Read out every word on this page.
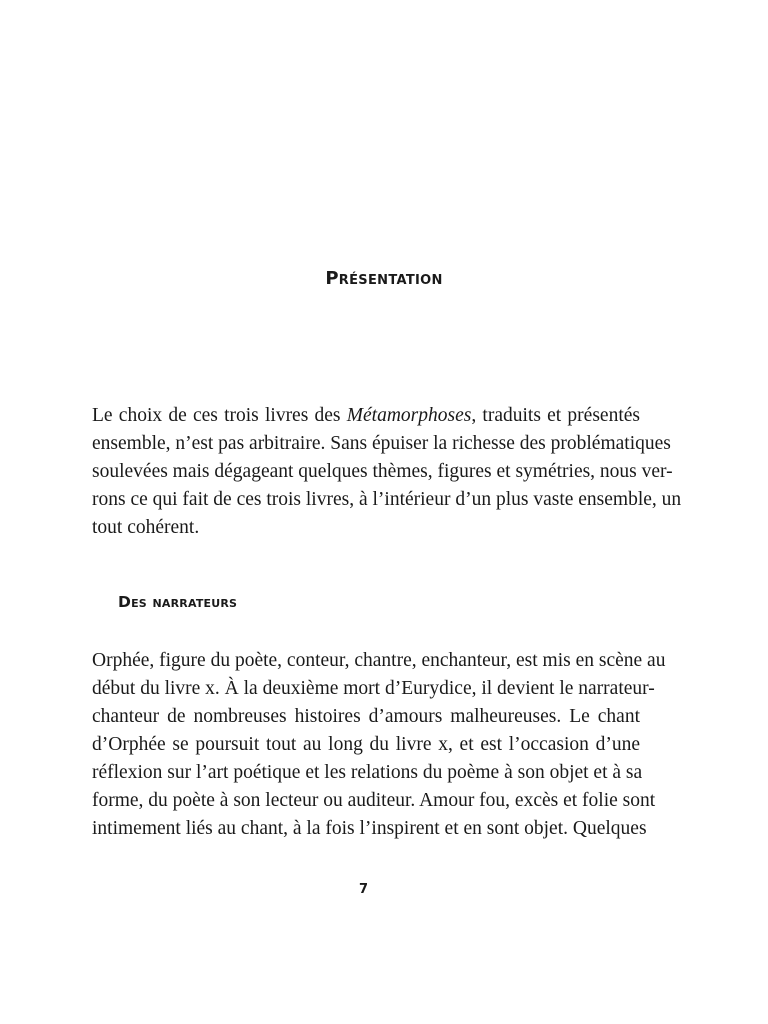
Présentation

Le choix de ces trois livres des Métamorphoses, traduits et présentés
ensemble, n’est pas arbitraire. Sans épuiser la richesse des problématiques
soulevées mais dégageant quelques thèmes, figures et symétries, nous ver-
rons ce qui fait de ces trois livres, à l’intérieur d’un plus vaste ensemble, un
tout cohérent.

Des narrateurs

Orphée, figure du poète, conteur, chantre, enchanteur, est mis en scène au
début du livre x. À la deuxième mort d’Eurydice, il devient le narrateur-
chanteur de nombreuses histoires d’amours malheureuses. Le chant
d’Orphée se poursuit tout au long du livre x, et est l’occasion d’une
réflexion sur l’art poétique et les relations du poème à son objet et à sa
forme, du poète à son lecteur ou auditeur. Amour fou, excès et folie sont
intimement liés au chant, à la fois l’inspirent et en sont objet. Quelques

7
